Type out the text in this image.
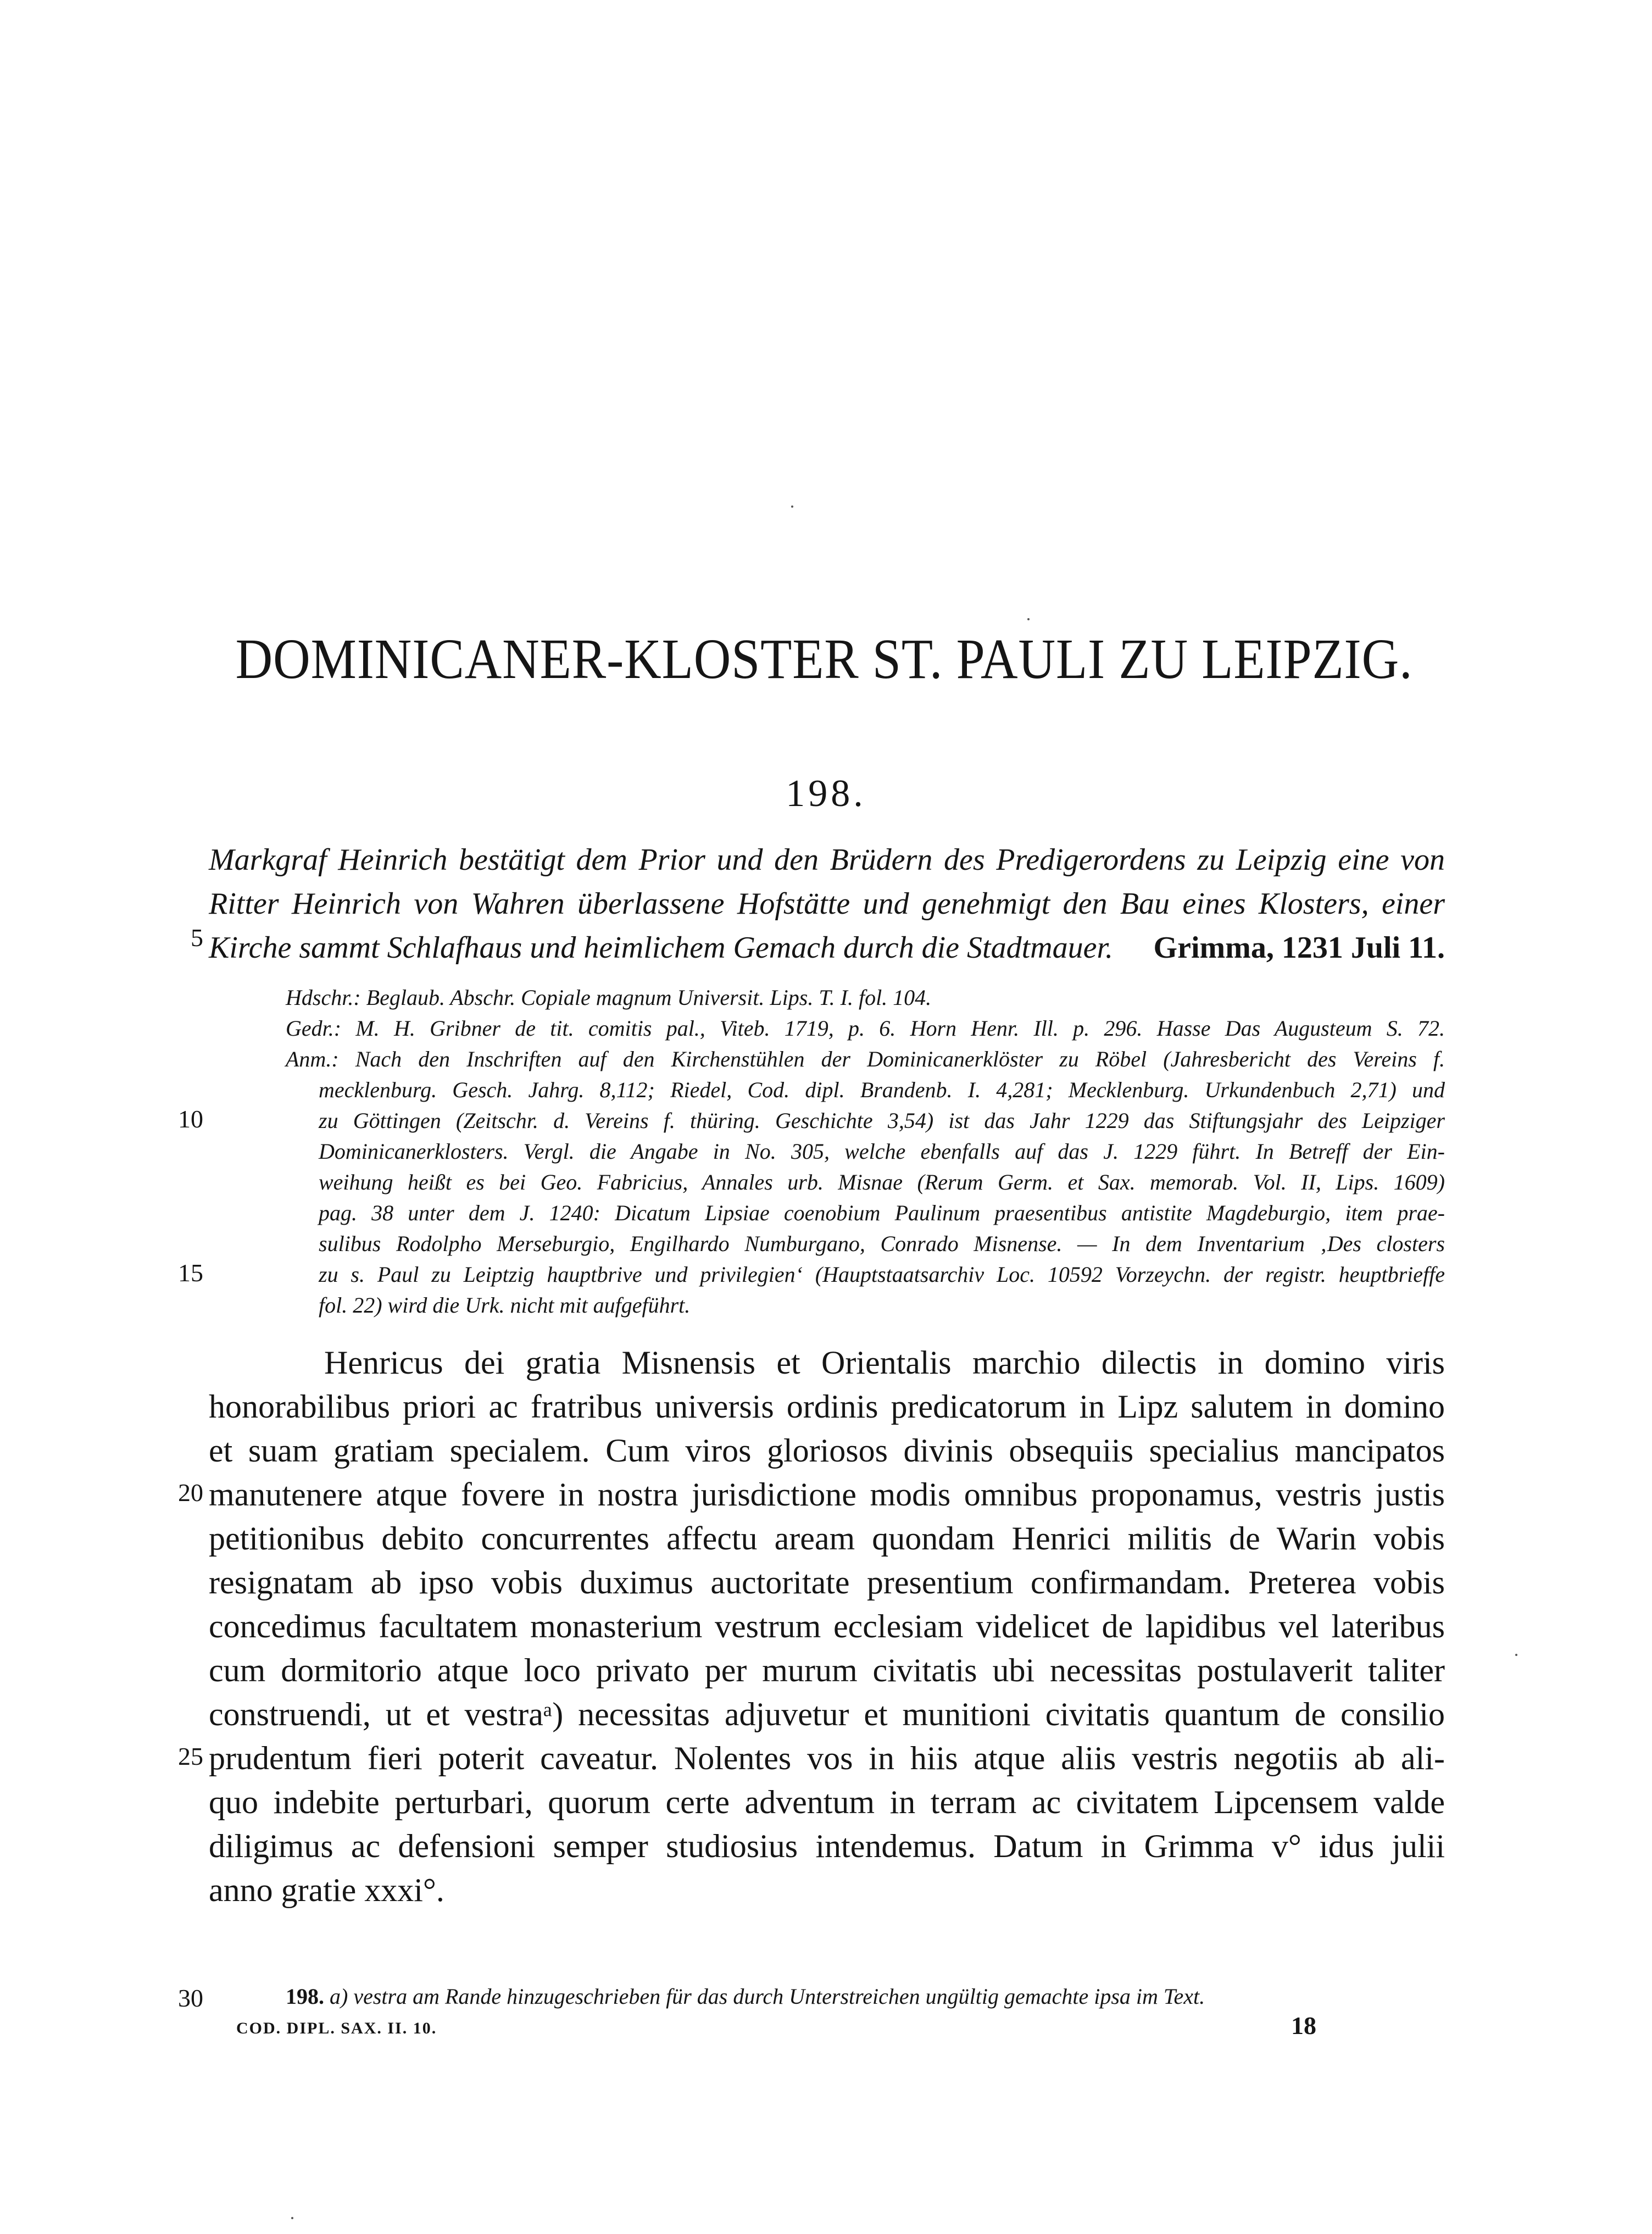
DOMINICANER-KLOSTER ST. PAULI ZU LEIPZIG.
198.
Markgraf Heinrich bestätigt dem Prior und den Brüdern des Predigerordens zu Leipzig eine von
Ritter Heinrich von Wahren überlassene Hofstätte und genehmigt den Bau eines Klosters, einer
Kirche sammt Schlafhaus und heimlichem Gemach durch die Stadtmauer. Grimma, 1231 Juli 11.
Hdschr.: Beglaub. Abschr. Copiale magnum Universit. Lips. T. I. fol. 104.
Gedr.: M. H. Gribner de tit. comitis pal., Viteb. 1719, p. 6. Horn Henr. Ill. p. 296. Hasse Das Augusteum S. 72.
Anm.: Nach den Inschriften auf den Kirchenstühlen der Dominicanerklöster zu Röbel (Jahresbericht des Vereins f.
mecklenburg. Gesch. Jahrg. 8,112; Riedel, Cod. dipl. Brandenb. I. 4,281; Mecklenburg. Urkundenbuch 2,71) und
zu Göttingen (Zeitschr. d. Vereins f. thüring. Geschichte 3,54) ist das Jahr 1229 das Stiftungsjahr des Leipziger
Dominicanerklosters. Vergl. die Angabe in No. 305, welche ebenfalls auf das J. 1229 führt. In Betreff der Ein-
weihung heißt es bei Geo. Fabricius, Annales urb. Misnae (Rerum Germ. et Sax. memorab. Vol. II, Lips. 1609)
pag. 38 unter dem J. 1240: Dicatum Lipsiae coenobium Paulinum praesentibus antistite Magdeburgio, item prae-
sulibus Rodolpho Merseburgio, Engilhardo Numburgano, Conrado Misnense. — In dem Inventarium ‚Des closters
zu s. Paul zu Leiptzig hauptbrive und privilegien‘ (Hauptstaatsarchiv Loc. 10592 Vorzeychn. der registr. heuptbrieffe
fol. 22) wird die Urk. nicht mit aufgeführt.
Henricus dei gratia Misnensis et Orientalis marchio dilectis in domino viris
honorabilibus priori ac fratribus universis ordinis predicatorum in Lipz salutem in domino
et suam gratiam specialem. Cum viros gloriosos divinis obsequiis specialius mancipatos
manutenere atque fovere in nostra jurisdictione modis omnibus proponamus, vestris justis
petitionibus debito concurrentes affectu aream quondam Henrici militis de Warin vobis
resignatam ab ipso vobis duximus auctoritate presentium confirmandam. Preterea vobis
concedimus facultatem monasterium vestrum ecclesiam videlicet de lapidibus vel lateribus
cum dormitorio atque loco privato per murum civitatis ubi necessitas postulaverit taliter
construendi, ut et vestraᵃ) necessitas adjuvetur et munitioni civitatis quantum de consilio
prudentum fieri poterit caveatur. Nolentes vos in hiis atque aliis vestris negotiis ab ali-
quo indebite perturbari, quorum certe adventum in terram ac civitatem Lipcensem valde
diligimus ac defensioni semper studiosius intendemus. Datum in Grimma v° idus julii
anno gratie xxxi°.
5
10
15
20
25
30	198. a) vestra am Rande hinzugeschrieben für das durch Unterstreichen ungültig gemachte ipsa im Text.
COD. DIPL. SAX. II. 10.	18
